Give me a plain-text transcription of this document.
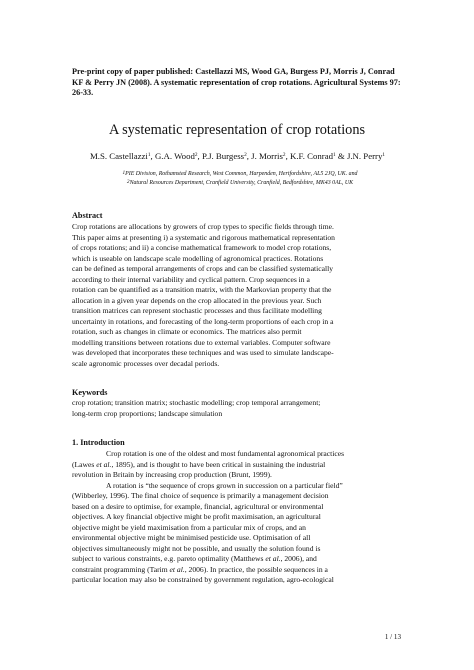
Pre-print copy of paper published: Castellazzi MS, Wood GA, Burgess PJ, Morris J, Conrad KF & Perry JN (2008). A systematic representation of crop rotations. Agricultural Systems 97: 26-33.
A systematic representation of crop rotations
M.S. Castellazzi$^1$, G.A. Wood$^2$, P.J. Burgess$^2$, J. Morris$^2$, K.F. Conrad$^1$ & J.N. Perry$^1$
$^1$PIE Division, Rothamsted Research, West Common, Harpenden, Hertfordshire, AL5 2JQ, UK. and
$^2$Natural Resources Department, Cranfield University, Cranfield, Bedfordshire, MK43 0AL, UK
Abstract
Crop rotations are allocations by growers of crop types to specific fields through time.
This paper aims at presenting i) a systematic and rigorous mathematical representation
of crops rotations; and ii) a concise mathematical framework to model crop rotations,
which is useable on landscape scale modelling of agronomical practices. Rotations
can be defined as temporal arrangements of crops and can be classified systematically
according to their internal variability and cyclical pattern. Crop sequences in a
rotation can be quantified as a transition matrix, with the Markovian property that the
allocation in a given year depends on the crop allocated in the previous year. Such
transition matrices can represent stochastic processes and thus facilitate modelling
uncertainty in rotations, and forecasting of the long-term proportions of each crop in a
rotation, such as changes in climate or economics. The matrices also permit
modelling transitions between rotations due to external variables. Computer software
was developed that incorporates these techniques and was used to simulate landscape-
scale agronomic processes over decadal periods.
Keywords
crop rotation; transition matrix; stochastic modelling; crop temporal arrangement;
long-term crop proportions; landscape simulation
1. Introduction
Crop rotation is one of the oldest and most fundamental agronomical practices
(Lawes et al., 1895), and is thought to have been critical in sustaining the industrial
revolution in Britain by increasing crop production (Brunt, 1999).
A rotation is “the sequence of crops grown in succession on a particular field”
(Wibberley, 1996). The final choice of sequence is primarily a management decision
based on a desire to optimise, for example, financial, agricultural or environmental
objectives. A key financial objective might be profit maximisation, an agricultural
objective might be yield maximisation from a particular mix of crops, and an
environmental objective might be minimised pesticide use. Optimisation of all
objectives simultaneously might not be possible, and usually the solution found is
subject to various constraints, e.g. pareto optimality (Matthews et al., 2006), and
constraint programming (Tarim et al., 2006). In practice, the possible sequences in a
particular location may also be constrained by government regulation, agro-ecological
1 / 13
